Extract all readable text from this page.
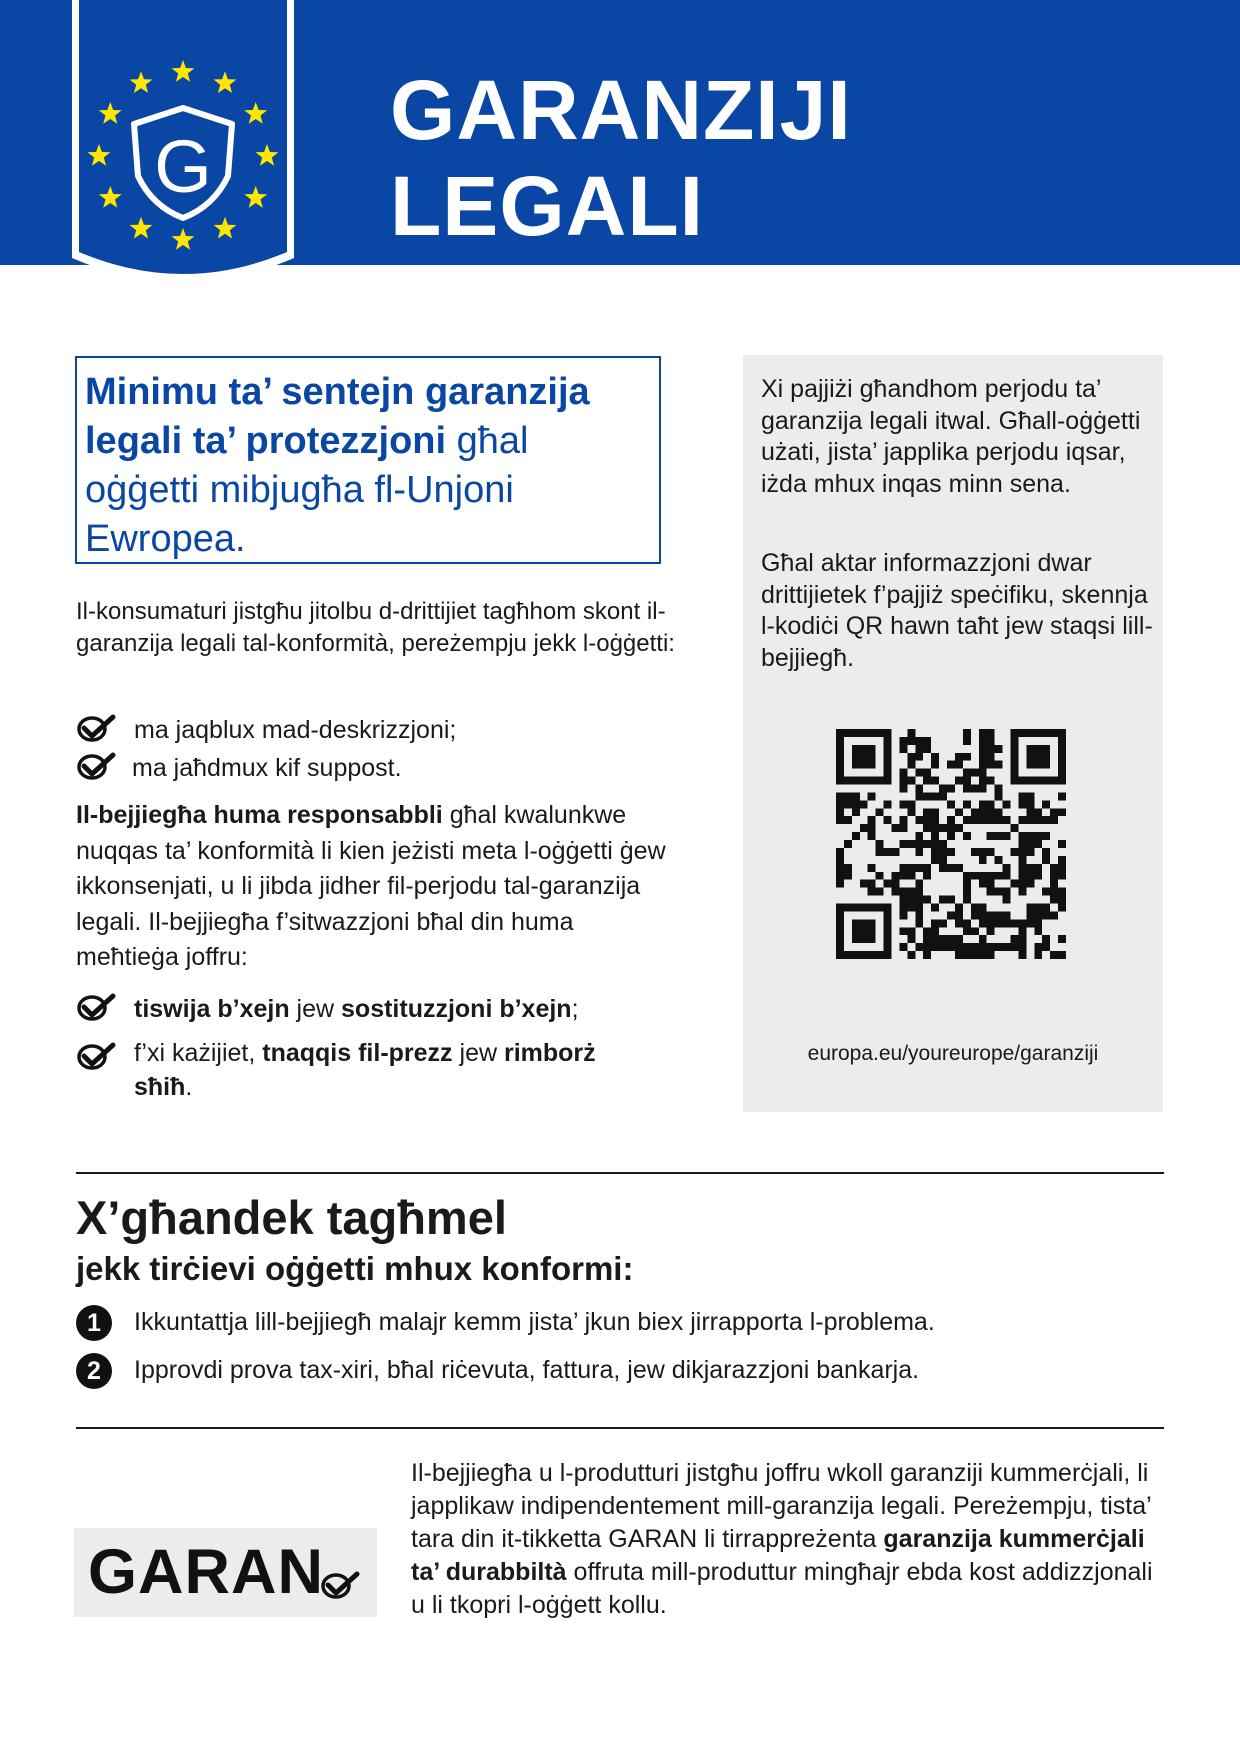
G
GARANZIJI
LEGALI
Minimu ta’ sentejn garanzija legali ta’ protezzjoni għal oġġetti mibjugħa fl-Unjoni Ewropea.
Il-konsumaturi jistgħu jitolbu d-drittijiet tagħhom skont il-garanzija legali tal-konformità, pereżempju jekk l-oġġetti:
ma jaqblux mad-deskrizzjoni;
ma jaħdmux kif suppost.
Il-bejjiegħa huma responsabbli għal kwalunkwe nuqqas ta’ konformità li kien jeżisti meta l-oġġetti ġew ikkonsenjati, u li jibda jidher fil-perjodu tal-garanzija legali. Il-bejjiegħa f’sitwazzjoni bħal din huma meħtieġa joffru:
tiswija b’xejn jew sostituzzjoni b’xejn;
f’xi każijiet, tnaqqis fil-prezz jew rimborż sħiħ.
Xi pajjiżi għandhom perjodu ta’ garanzija legali itwal. Għall-oġġetti użati, jista’ japplika perjodu iqsar, iżda mhux inqas minn sena.
Għal aktar informazzjoni dwar drittijietek f’pajjiż speċifiku, skennja l-kodiċi QR hawn taħt jew staqsi lill-bejjiegħ.
europa.eu/youreurope/garanziji
X’għandek tagħmel
jekk tirċievi oġġetti mhux konformi:
1	Ikkuntattja lill-bejjiegħ malajr kemm jista’ jkun biex jirrapporta l-problema.
2	Ipprovdi prova tax-xiri, bħal riċevuta, fattura, jew dikjarazzjoni bankarja.
GARAN
Il-bejjiegħa u l-produtturi jistgħu joffru wkoll garanziji kummerċjali, li japplikaw indipendentement mill-garanzija legali. Pereżempju, tista’ tara din it-tikketta GARAN li tirrappreżenta garanzija kummerċjali ta’ durabbiltà offruta mill-produttur mingħajr ebda kost addizzjonali u li tkopri l-oġġett kollu.
